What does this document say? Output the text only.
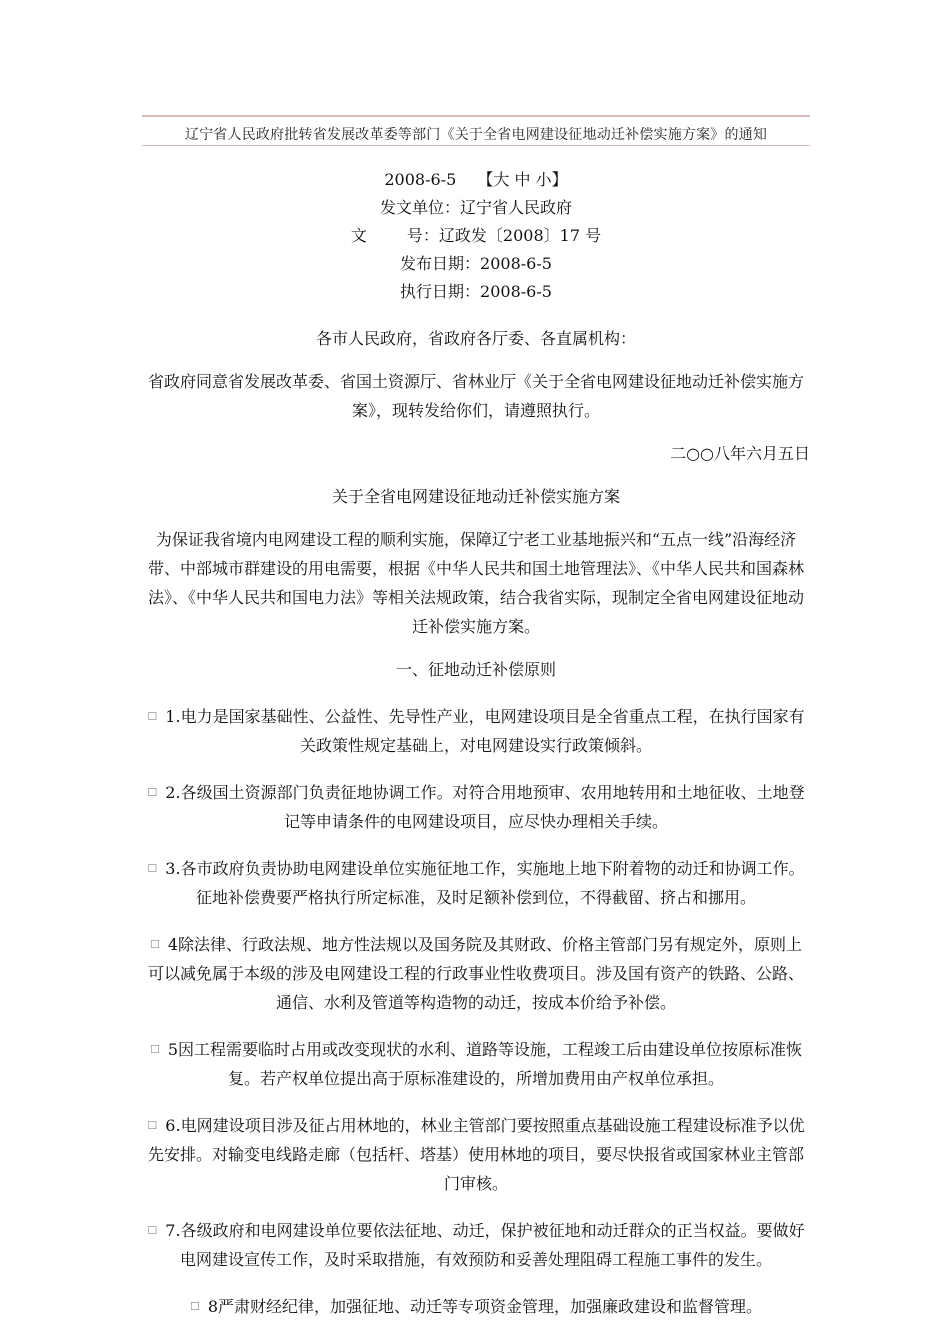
辽宁省人民政府批转省发展改革委等部门《关于全省电网建设征地动迁补偿实施方案》的通知
2008-6-5 【大 中 小】
发文单位：辽宁省人民政府
文	号：辽政发〔2008〕17 号
发布日期：2008-6-5
执行日期：2008-6-5
各市人民政府，省政府各厅委、各直属机构：
省政府同意省发展改革委、省国土资源厅、省林业厅《关于全省电网建设征地动迁补偿实施方案》，现转发给你们，请遵照执行。
二○○八年六月五日
关于全省电网建设征地动迁补偿实施方案
为保证我省境内电网建设工程的顺利实施，保障辽宁老工业基地振兴和“五点一线”沿海经济带、中部城市群建设的用电需要，根据《中华人民共和国土地管理法》、《中华人民共和国森林法》、《中华人民共和国电力法》等相关法规政策，结合我省实际，现制定全省电网建设征地动迁补偿实施方案。
一、征地动迁补偿原则
☐ 1.电力是国家基础性、公益性、先导性产业，电网建设项目是全省重点工程，在执行国家有关政策性规定基础上，对电网建设实行政策倾斜。
☐ 2.各级国土资源部门负责征地协调工作。对符合用地预审、农用地转用和土地征收、土地登记等申请条件的电网建设项目，应尽快办理相关手续。
☐ 3.各市政府负责协助电网建设单位实施征地工作，实施地上地下附着物的动迁和协调工作。征地补偿费要严格执行所定标准，及时足额补偿到位，不得截留、挤占和挪用。
☐ 4除法律、行政法规、地方性法规以及国务院及其财政、价格主管部门另有规定外，原则上可以减免属于本级的涉及电网建设工程的行政事业性收费项目。涉及国有资产的铁路、公路、通信、水利及管道等构造物的动迁，按成本价给予补偿。
☐ 5因工程需要临时占用或改变现状的水利、道路等设施，工程竣工后由建设单位按原标准恢复。若产权单位提出高于原标准建设的，所增加费用由产权单位承担。
☐ 6.电网建设项目涉及征占用林地的，林业主管部门要按照重点基础设施工程建设标准予以优先安排。对输变电线路走廊（包括杆、塔基）使用林地的项目，要尽快报省或国家林业主管部门审核。
☐ 7.各级政府和电网建设单位要依法征地、动迁，保护被征地和动迁群众的正当权益。要做好电网建设宣传工作，及时采取措施，有效预防和妥善处理阻碍工程施工事件的发生。
☐ 8严肃财经纪律，加强征地、动迁等专项资金管理，加强廉政建设和监督管理。
